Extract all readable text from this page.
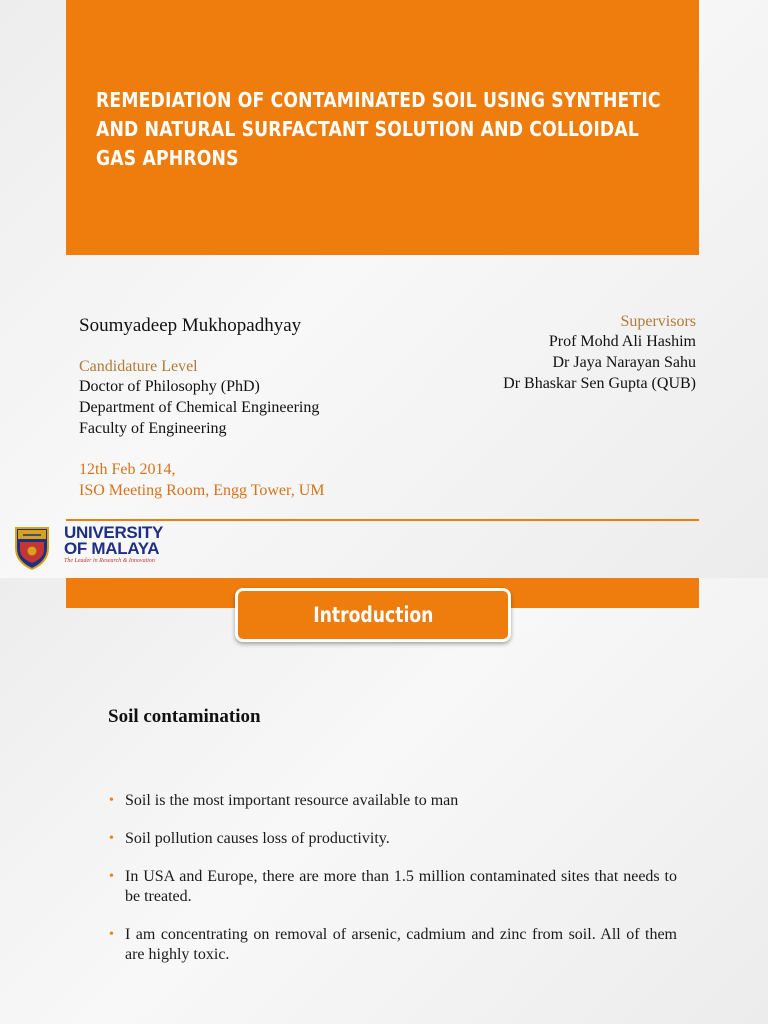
REMEDIATION OF CONTAMINATED SOIL USING SYNTHETIC AND NATURAL SURFACTANT SOLUTION AND COLLOIDAL GAS APHRONS
Soumyadeep Mukhopadhyay
Candidature Level
Doctor of Philosophy (PhD)
Department of Chemical Engineering
Faculty of Engineering
12th Feb 2014,
ISO Meeting Room, Engg Tower, UM
Supervisors
Prof Mohd Ali Hashim
Dr Jaya Narayan Sahu
Dr Bhaskar Sen Gupta (QUB)
UNIVERSITY
OF MALAYA
The Leader in Research & Innovation
Introduction
Soil contamination
• Soil is the most important resource available to man
• Soil pollution causes loss of productivity.
• In USA and Europe, there are more than 1.5 million contaminated sites that needs to be treated.
• I am concentrating on removal of arsenic, cadmium and zinc from soil. All of them are highly toxic.
